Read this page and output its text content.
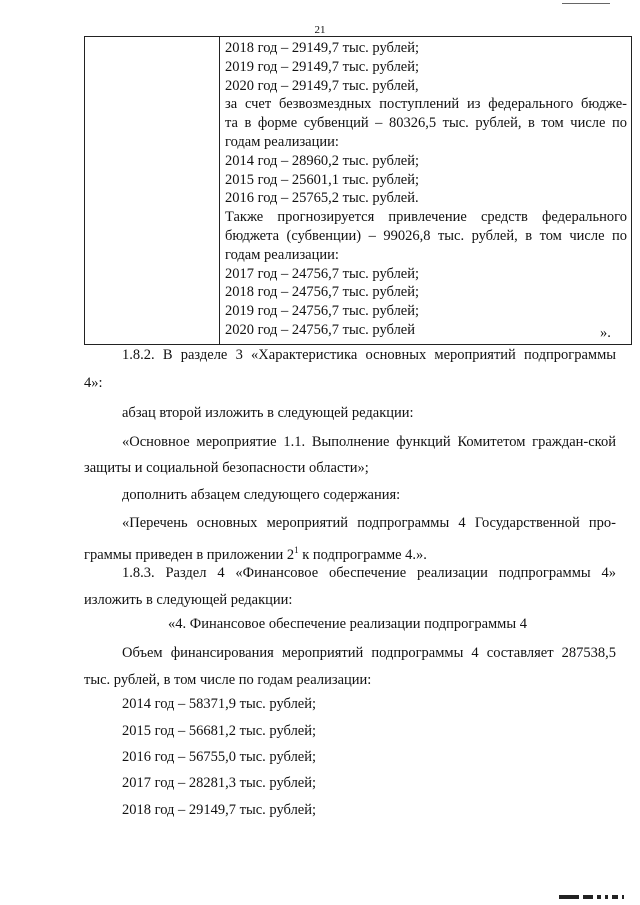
21

2018 год – 29149,7 тыс. рублей;
2019 год – 29149,7 тыс. рублей;
2020 год – 29149,7 тыс. рублей,
за счет безвозмездных поступлений из федерального бюдже-
та в форме субвенций – 80326,5 тыс. рублей, в том числе по
годам реализации:
2014 год – 28960,2 тыс. рублей;
2015 год – 25601,1 тыс. рублей;
2016 год – 25765,2 тыс. рублей.
Также прогнозируется привлечение средств федерального
бюджета (субвенции) – 99026,8 тыс. рублей, в том числе по
годам реализации:
2017 год – 24756,7 тыс. рублей;
2018 год – 24756,7 тыс. рублей;
2019 год – 24756,7 тыс. рублей;
2020 год – 24756,7 тыс. рублей	».
1.8.2. В разделе 3 «Характеристика основных мероприятий подпрограммы
4»:
абзац второй изложить в следующей редакции:
«Основное мероприятие 1.1. Выполнение функций Комитетом граждан-ской защиты и социальной безопасности области»;
дополнить абзацем следующего содержания:
«Перечень основных мероприятий подпрограммы 4 Государственной про-граммы приведен в приложении $2^1$ к подпрограмме 4.».
1.8.3. Раздел 4 «Финансовое обеспечение реализации подпрограммы 4» изложить в следующей редакции:
«4. Финансовое обеспечение реализации подпрограммы 4
Объем финансирования мероприятий подпрограммы 4 составляет 287538,5 тыс. рублей, в том числе по годам реализации:
2014 год – 58371,9 тыс. рублей;
2015 год – 56681,2 тыс. рублей;
2016 год – 56755,0 тыс. рублей;
2017 год – 28281,3 тыс. рублей;
2018 год – 29149,7 тыс. рублей;
